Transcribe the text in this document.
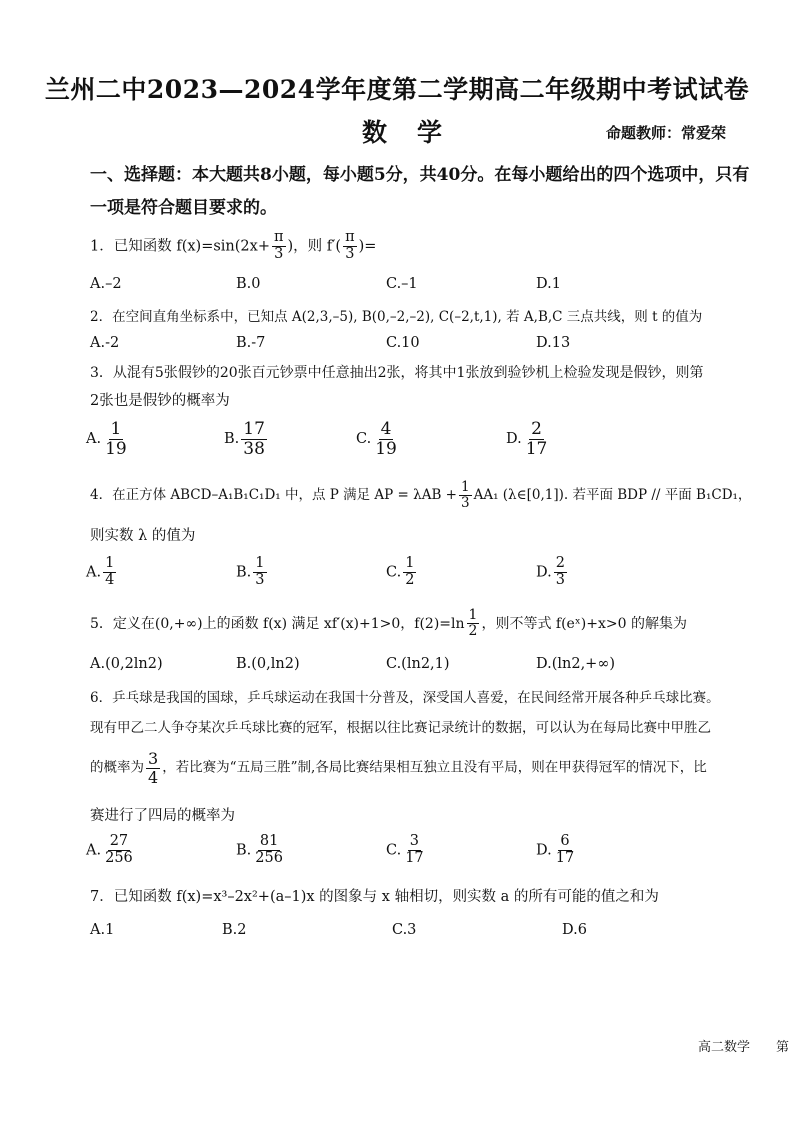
兰州二中2023—2024学年度第二学期高二年级期中考试试卷
数学	命题教师：常爱荣
一、选择题：本大题共8小题，每小题5分，共40分。在每小题给出的四个选项中，只有
一项是符合题目要求的。
1．已知函数 $f(x)=\sin(2x+ \frac{\pi}{3}$ )，则 $f'( \frac{\pi}{3}$ )=
A.–2	B.0	C.–1	D.1
2．在空间直角坐标系中，已知点 A(2,3,–5), B(0,–2,–2), C(–2,t,1), 若 A,B,C 三点共线，则 t 的值为
A.-2	B.-7	C.10	D.13
3．从混有5张假钞的20张百元钞票中任意抽出2张，将其中1张放到验钞机上检验发现是假钞，则第
2张也是假钞的概率为
A. $\frac{1}{19}$	B. $\frac{17}{38}$	C. $\frac{4}{19}$	D. $\frac{2}{17}$
4．在正方体 ABCD–A₁B₁C₁D₁ 中，点 P 满足 AP = $\lambda AB + \frac{1}{3} AA_1$ (λ∈[0,1]). 若平面 BDP // 平面 B₁CD₁，
则实数 λ 的值为
A. $\frac{1}{4}$	B. $\frac{1}{3}$	C. $\frac{1}{2}$	D. $\frac{2}{3}$
5．定义在(0,+∞)上的函数 f(x) 满足 xf′(x)+1>0，$f(2)=\ln \frac{1}{2}$ ，则不等式 f(eˣ)+x>0 的解集为
A.(0,2ln2)	B.(0,ln2)	C.(ln2,1)	D.(ln2,+∞)
6．乒乓球是我国的国球，乒乓球运动在我国十分普及，深受国人喜爱，在民间经常开展各种乒乓球比赛。
现有甲乙二人争夺某次乒乓球比赛的冠军，根据以往比赛记录统计的数据，可以认为在每局比赛中甲胜乙
的概率为 $\frac{3}{4}$ ，若比赛为“五局三胜”制,各局比赛结果相互独立且没有平局，则在甲获得冠军的情况下，比
赛进行了四局的概率为
A. $\frac{27}{256}$	B. $\frac{81}{256}$	C. $\frac{3}{17}$	D. $\frac{6}{17}$
7．已知函数 f(x)=x³–2x²+(a–1)x 的图象与 x 轴相切，则实数 a 的所有可能的值之和为
A.1	B.2	C.3	D.6
高二数学 第
